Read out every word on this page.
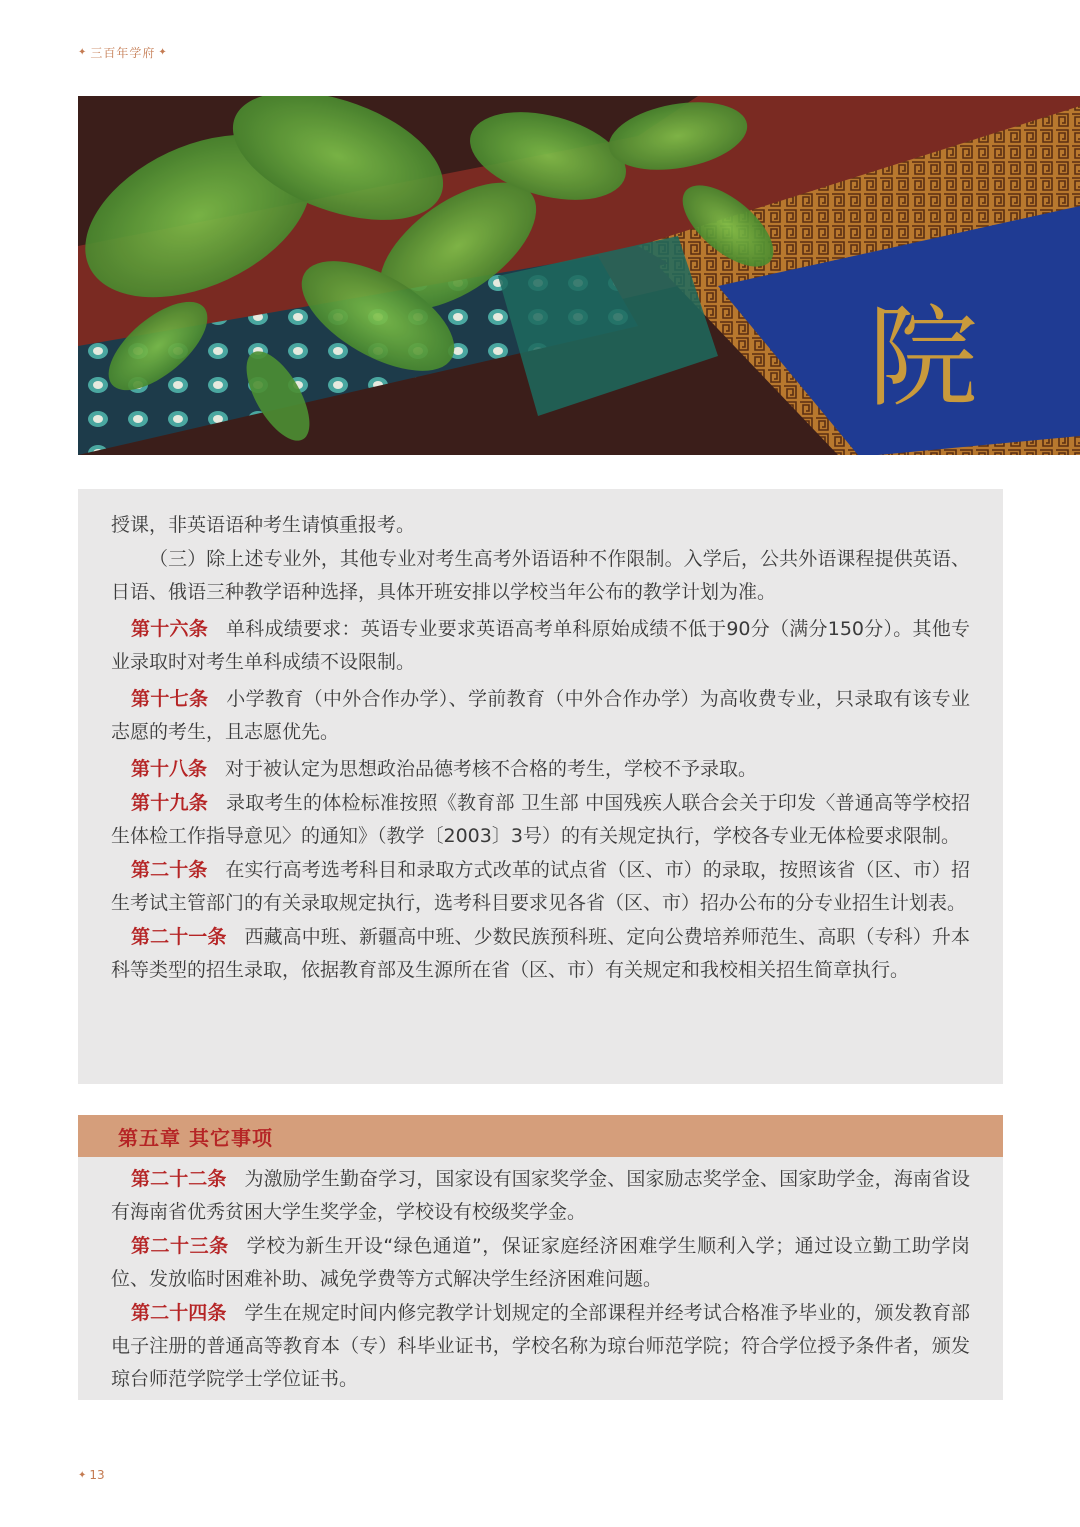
✦ 三百年学府 ✦
院

授课，非英语语种考生请慎重报考。

（三）除上述专业外，其他专业对考生高考外语语种不作限制。入学后，公共外语课程提供英语、日语、俄语三种教学语种选择，具体开班安排以学校当年公布的教学计划为准。

第十六条 单科成绩要求：英语专业要求英语高考单科原始成绩不低于90分（满分150分）。其他专业录取时对考生单科成绩不设限制。

第十七条 小学教育（中外合作办学）、学前教育（中外合作办学）为高收费专业，只录取有该专业志愿的考生，且志愿优先。

第十八条 对于被认定为思想政治品德考核不合格的考生，学校不予录取。

第十九条 录取考生的体检标准按照《教育部 卫生部 中国残疾人联合会关于印发〈普通高等学校招生体检工作指导意见〉的通知》（教学〔2003〕3号）的有关规定执行，学校各专业无体检要求限制。

第二十条 在实行高考选考科目和录取方式改革的试点省（区、市）的录取，按照该省（区、市）招生考试主管部门的有关录取规定执行，选考科目要求见各省（区、市）招办公布的分专业招生计划表。

第二十一条 西藏高中班、新疆高中班、少数民族预科班、定向公费培养师范生、高职（专科）升本科等类型的招生录取，依据教育部及生源所在省（区、市）有关规定和我校相关招生简章执行。

第五章 其它事项

第二十二条 为激励学生勤奋学习，国家设有国家奖学金、国家励志奖学金、国家助学金，海南省设有海南省优秀贫困大学生奖学金，学校设有校级奖学金。

第二十三条 学校为新生开设“绿色通道”，保证家庭经济困难学生顺利入学；通过设立勤工助学岗位、发放临时困难补助、减免学费等方式解决学生经济困难问题。

第二十四条 学生在规定时间内修完教学计划规定的全部课程并经考试合格准予毕业的，颁发教育部电子注册的普通高等教育本（专）科毕业证书，学校名称为琼台师范学院；符合学位授予条件者，颁发琼台师范学院学士学位证书。

✦ 13
